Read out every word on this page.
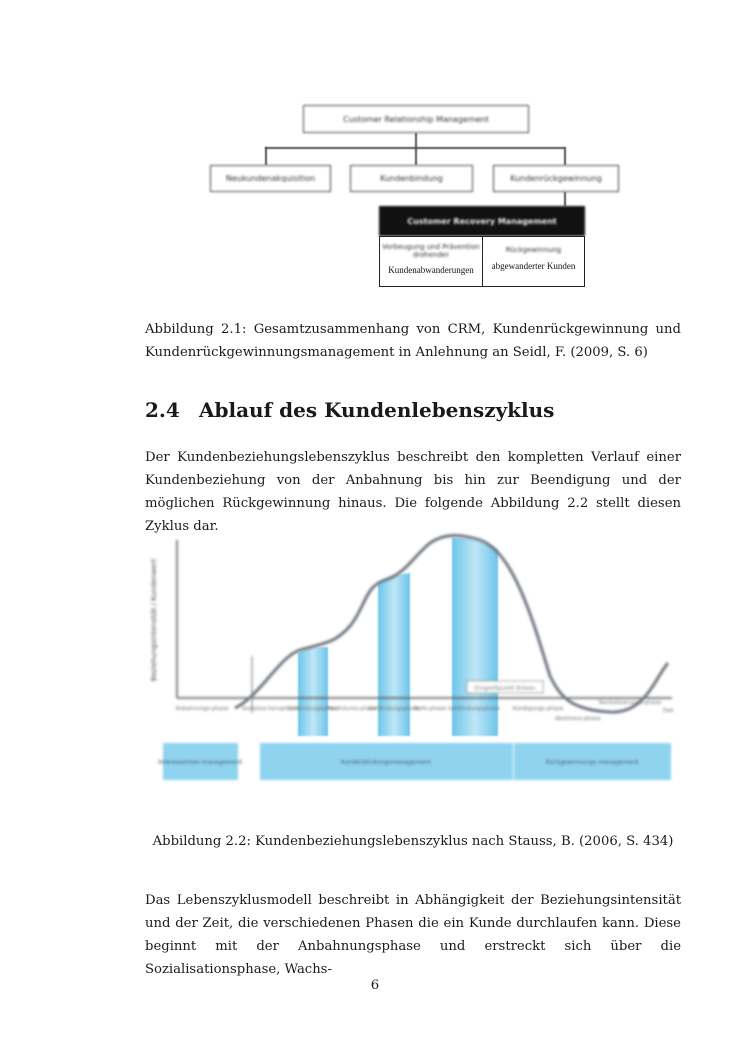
Customer Relationship Management
Neukundenakquisition	Kundenbindung	Kundenrückgewinnung
Customer Recovery Management
Vorbeugung und Prävention drohender
Kundenabwanderungen
Rückgewinnung
abgewanderter Kunden
Abbildung 2.1: Gesamtzusammenhang von CRM, Kundenrückgewinnung und Kundenrückgewinnungsmanagement in Anlehnung an Seidl, F. (2009, S. 6)
2.4 Ablauf des Kundenlebenszyklus
Der Kundenbeziehungslebenszyklus beschreibt den kompletten Verlauf einer Kundenbeziehung von der Anbahnung bis hin zur Beendigung und der möglichen Rückgewinnung hinaus. Die folgende Abbildung 2.2 stellt diesen Zyklus dar.
Beziehungsintensität / Kundenwert
Eingreifpunkt Krisen
Anbahnungs-phase Sozialisa-tionsphase
Gefährdungsphase
Wachstums-phase
Gefährdungsphase
Reife-phase Gefährdungsphase Kündigungs-phase
Abstinenz-phase
Revitalisierungs-phase
Zeit
Interessenten-management	Kundenbindungsmanagement	Rückgewinnungs-management
Abbildung 2.2: Kundenbeziehungslebenszyklus nach Stauss, B. (2006, S. 434)
Das Lebenszyklusmodell beschreibt in Abhängigkeit der Beziehungsintensität und der Zeit, die verschiedenen Phasen die ein Kunde durchlaufen kann. Diese beginnt mit der Anbahnungsphase und erstreckt sich über die Sozialisationsphase, Wachs-
6
